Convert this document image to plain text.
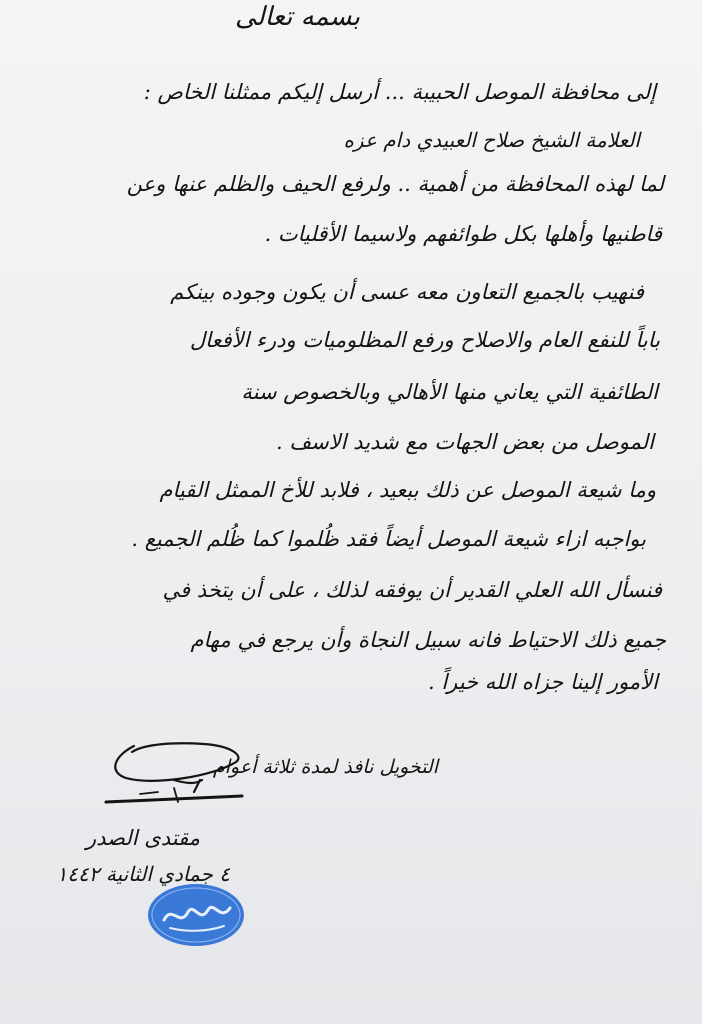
بسمه تعالى
إلى محافظة الموصل الحبيبة ... أرسل إليكم ممثلنا الخاص :
العلامة الشيخ صلاح العبيدي دام عزه
لما لهذه المحافظة من أهمية .. ولرفع الحيف والظلم عنها وعن
قاطنيها وأهلها بكل طوائفهم ولاسيما الأقليات .
فنهيب بالجميع التعاون معه عسى أن يكون وجوده بينكم
باباً للنفع العام والاصلاح ورفع المظلوميات ودرء الأفعال
الطائفية التي يعاني منها الأهالي وبالخصوص سنة
الموصل من بعض الجهات مع شديد الاسف .
وما شيعة الموصل عن ذلك ببعيد ، فلابد للأخ الممثل القيام
بواجبه ازاء شيعة الموصل أيضاً فقد ظُلموا كما ظُلم الجميع .
فنسأل الله العلي القدير أن يوفقه لذلك ، على أن يتخذ في
جميع ذلك الاحتياط فانه سبيل النجاة وأن يرجع في مهام
الأمور إلينا جزاه الله خيراً .
التخويل نافذ لمدة ثلاثة أعوام
مقتدى الصدر
٤ جمادي الثانية ١٤٤٢
